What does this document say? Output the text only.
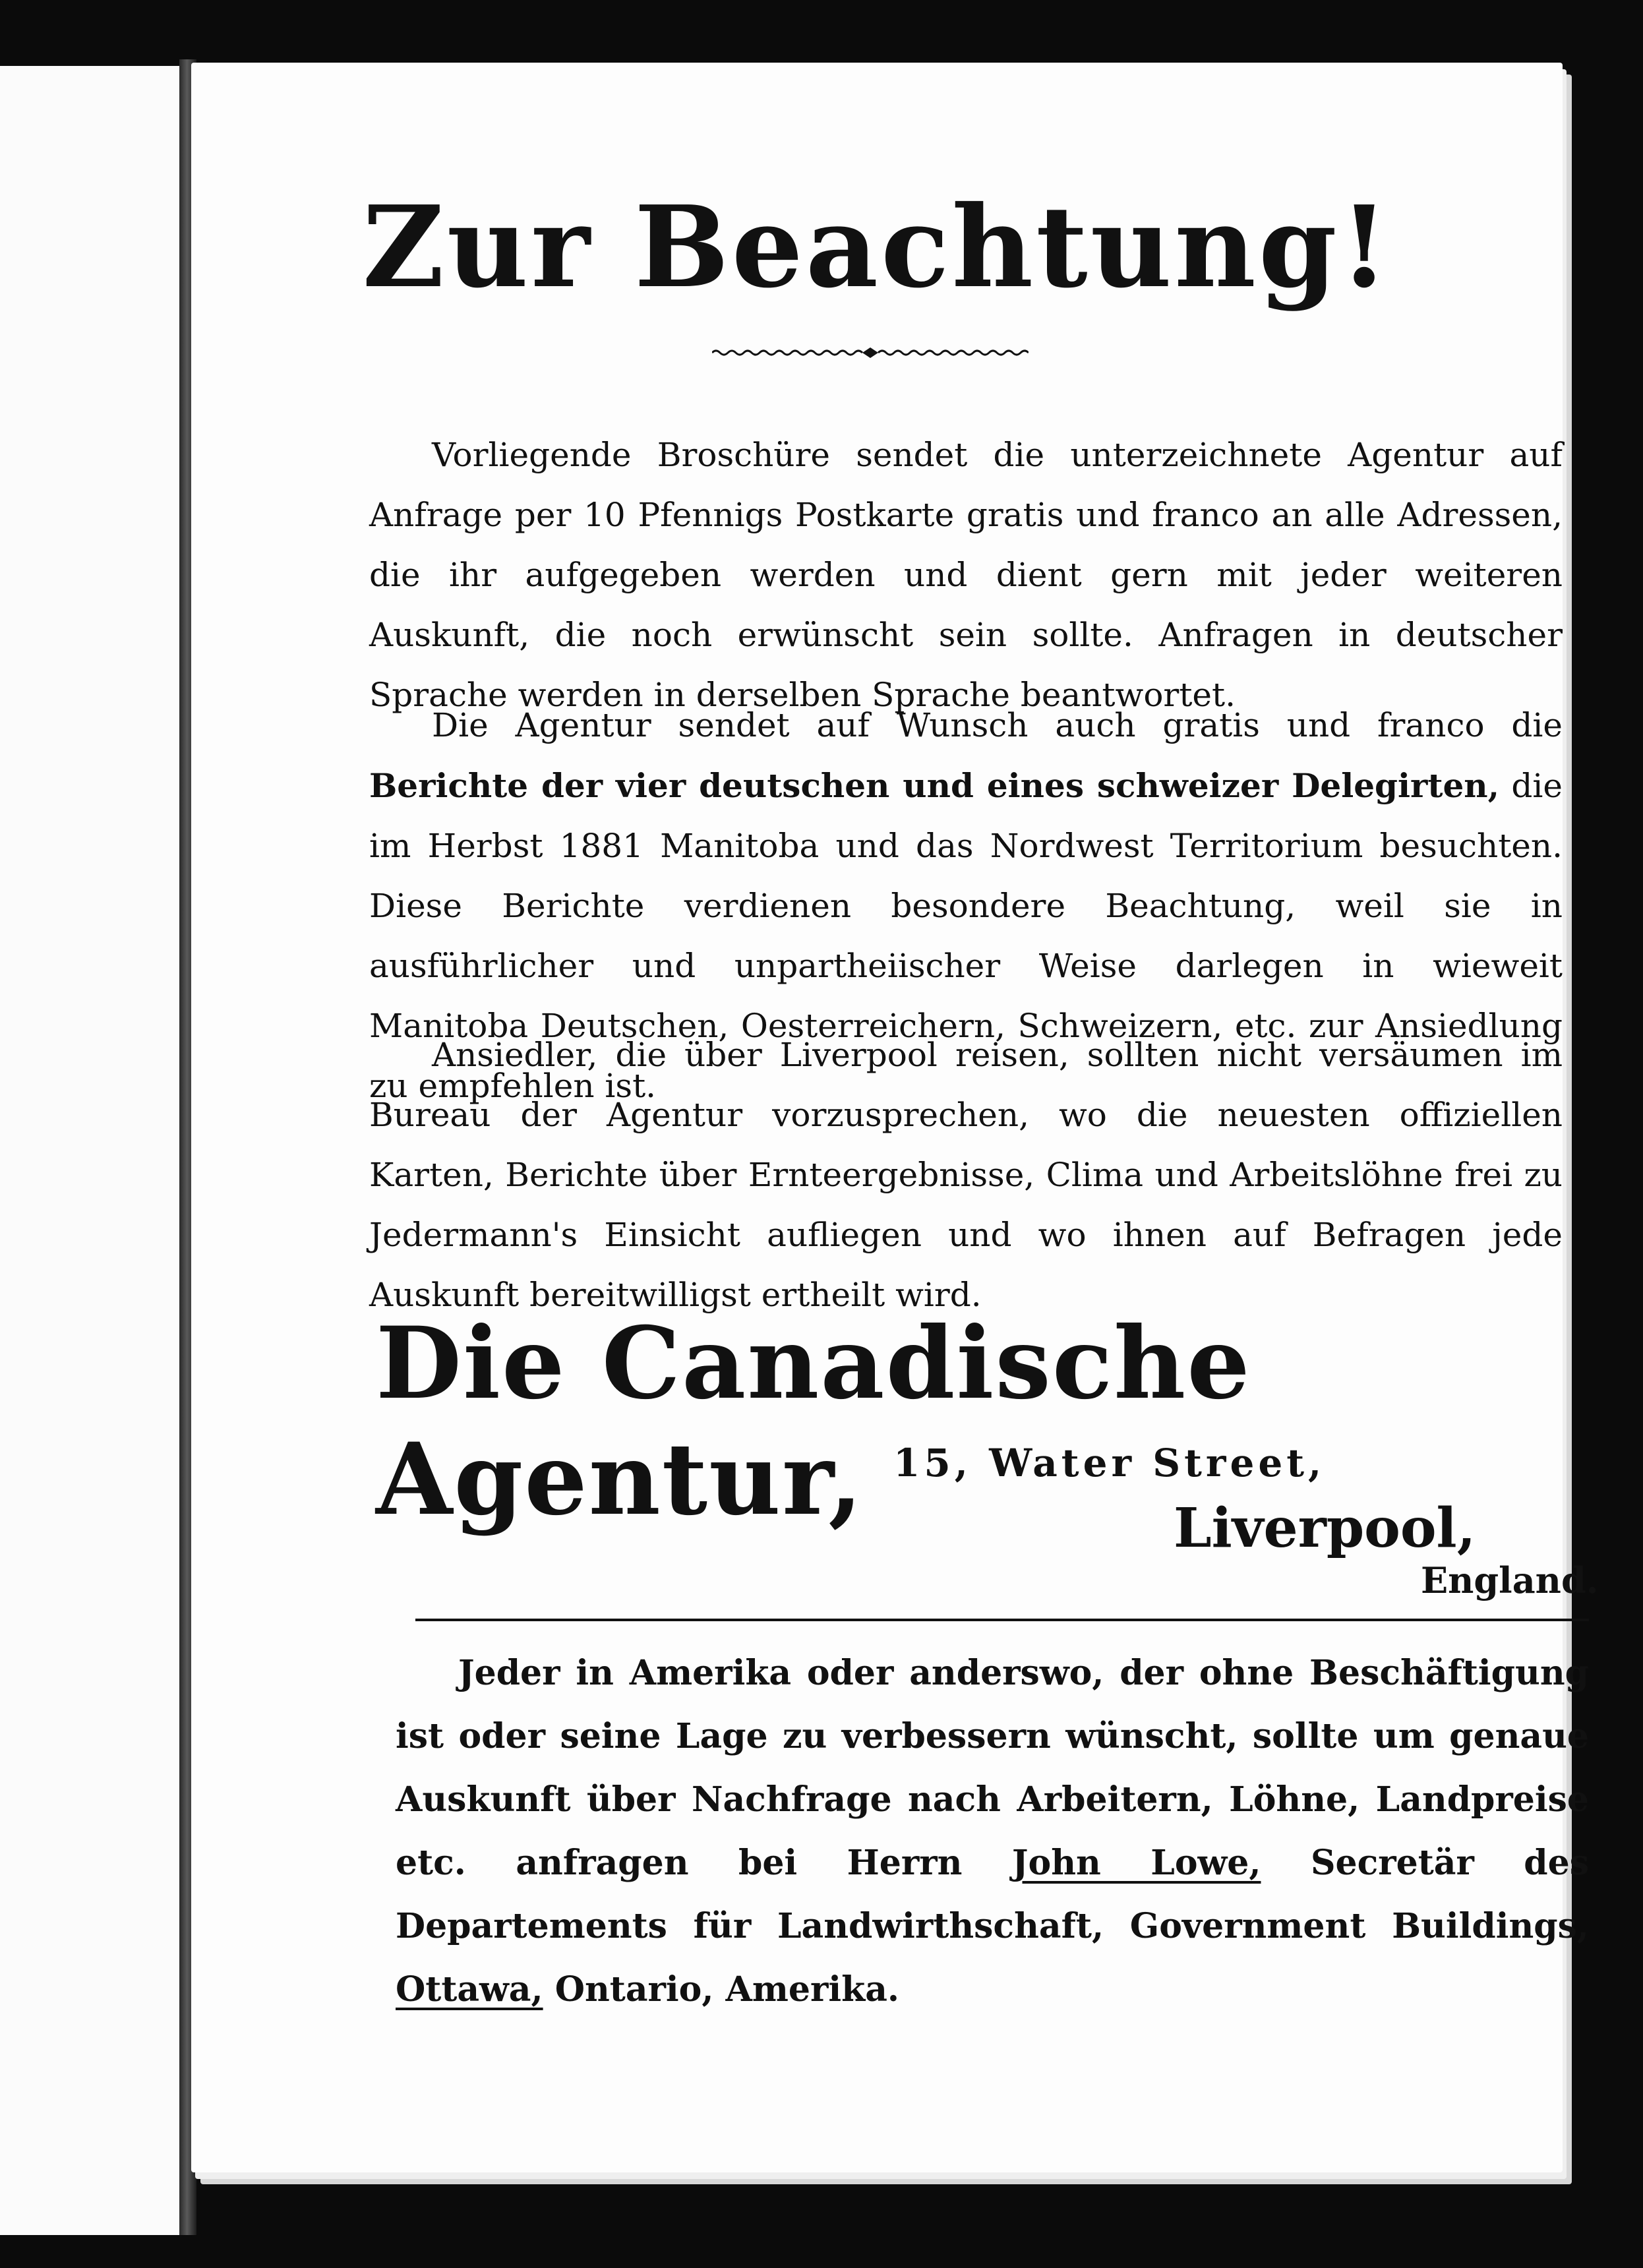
Zur Beachtung!

Vorliegende Broschüre sendet die unterzeichnete Agentur auf Anfrage per 10 Pfennigs Postkarte gratis und franco an alle Adressen, die ihr aufgegeben werden und dient gern mit jeder weiteren Auskunft, die noch erwünscht sein sollte. Anfragen in deutscher Sprache werden in derselben Sprache beantwortet.

Die Agentur sendet auf Wunsch auch gratis und franco die Berichte der vier deutschen und eines schweizer Delegirten, die im Herbst 1881 Manitoba und das Nordwest Territorium besuchten. Diese Berichte verdienen besondere Beachtung, weil sie in ausführlicher und unpartheiischer Weise darlegen in wieweit Manitoba Deutschen, Oesterreichern, Schweizern, etc. zur Ansiedlung zu empfehlen ist.

Ansiedler, die über Liverpool reisen, sollten nicht versäumen im Bureau der Agentur vorzusprechen, wo die neuesten offiziellen Karten, Berichte über Ernteergebnisse, Clima und Arbeitslöhne frei zu Jedermann's Einsicht aufliegen und wo ihnen auf Befragen jede Auskunft bereitwilligst ertheilt wird.

Die Canadische Agentur, 15, Water Street,

Liverpool,

England.

Jeder in Amerika oder anderswo, der ohne Beschäftigung ist oder seine Lage zu verbessern wünscht, sollte um genaue Auskunft über Nachfrage nach Arbeitern, Löhne, Landpreise etc. anfragen bei Herrn John Lowe, Secretär des Departements für Landwirthschaft, Government Buildings, Ottawa, Ontario, Amerika.
